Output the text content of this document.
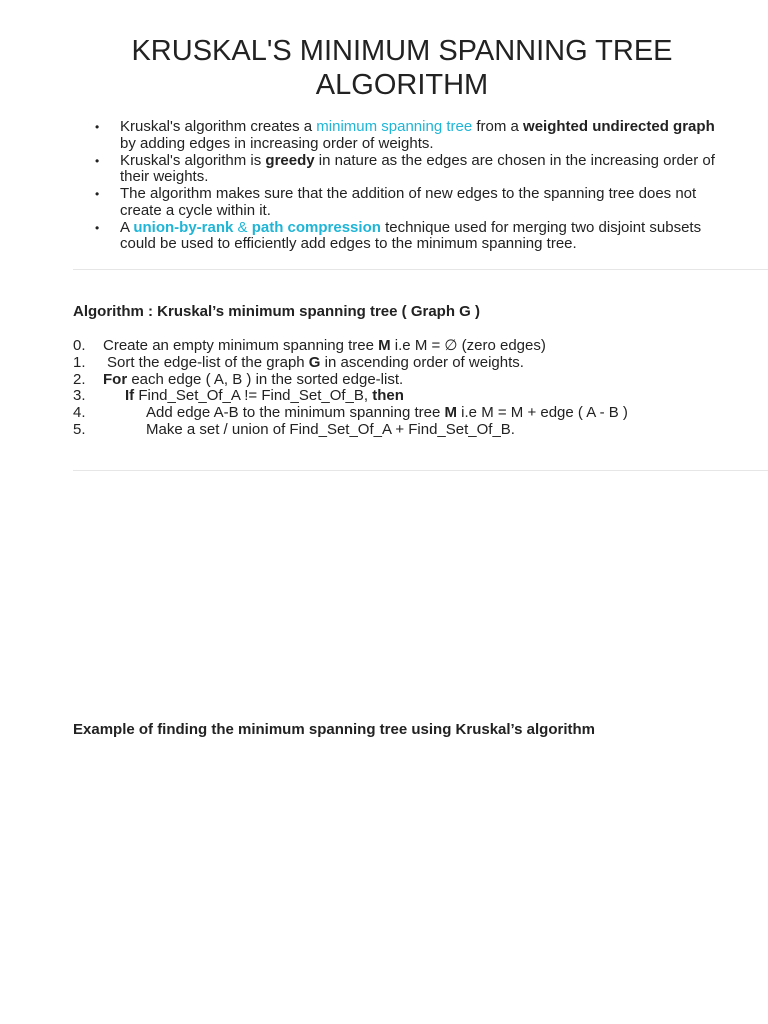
KRUSKAL'S MINIMUM SPANNING TREE ALGORITHM
• Kruskal's algorithm creates a minimum spanning tree from a weighted undirected graph by adding edges in increasing order of weights.
• Kruskal's algorithm is greedy in nature as the edges are chosen in the increasing order of their weights.
• The algorithm makes sure that the addition of new edges to the spanning tree does not create a cycle within it.
• A union-by-rank & path compression technique used for merging two disjoint subsets could be used to efficiently add edges to the minimum spanning tree.

Algorithm : Kruskal’s minimum spanning tree ( Graph G )

0. Create an empty minimum spanning tree M i.e M = ∅ (zero edges)
1. Sort the edge-list of the graph G in ascending order of weights.
2. For each edge ( A, B ) in the sorted edge-list.
3.	If Find_Set_Of_A != Find_Set_Of_B, then
4.	Add edge A-B to the minimum spanning tree M i.e M = M + edge ( A - B )
5.	Make a set / union of Find_Set_Of_A + Find_Set_Of_B.

Example of finding the minimum spanning tree using Kruskal’s algorithm
